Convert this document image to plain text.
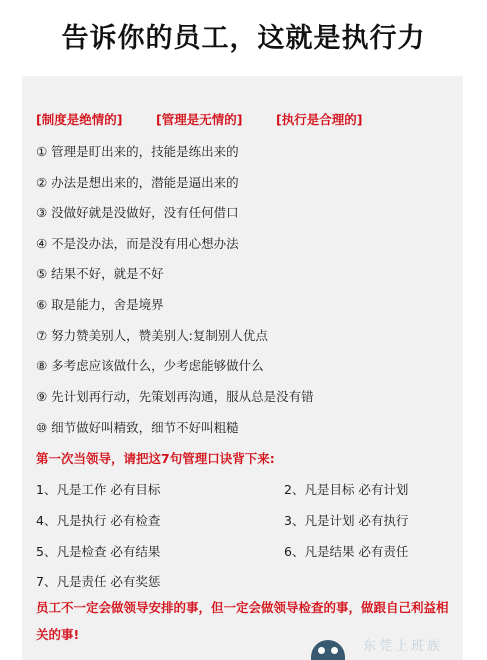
告诉你的员工，这就是执行力
[制度是绝情的]	[管理是无情的]	[执行是合理的]
① 管理是盯出来的，技能是练出来的
② 办法是想出来的，潜能是逼出来的
③ 没做好就是没做好，没有任何借口
④ 不是没办法，而是没有用心想办法
⑤ 结果不好，就是不好
⑥ 取是能力，舍是境界
⑦ 努力赞美别人，赞美别人:复制别人优点
⑧ 多考虑应该做什么，少考虑能够做什么
⑨ 先计划再行动，先策划再沟通，服从总是没有错
⑩ 细节做好叫精致，细节不好叫粗糙
第一次当领导，请把这7句管理口诀背下来:
1、凡是工作 必有目标	2、凡是目标 必有计划
4、凡是执行 必有检查	3、凡是计划 必有执行
5、凡是检查 必有结果	6、凡是结果 必有责任
7、凡是责任 必有奖惩
员工不一定会做领导安排的事，但一定会做领导检查的事，做跟自己利益相关的事!
东莞上班族
